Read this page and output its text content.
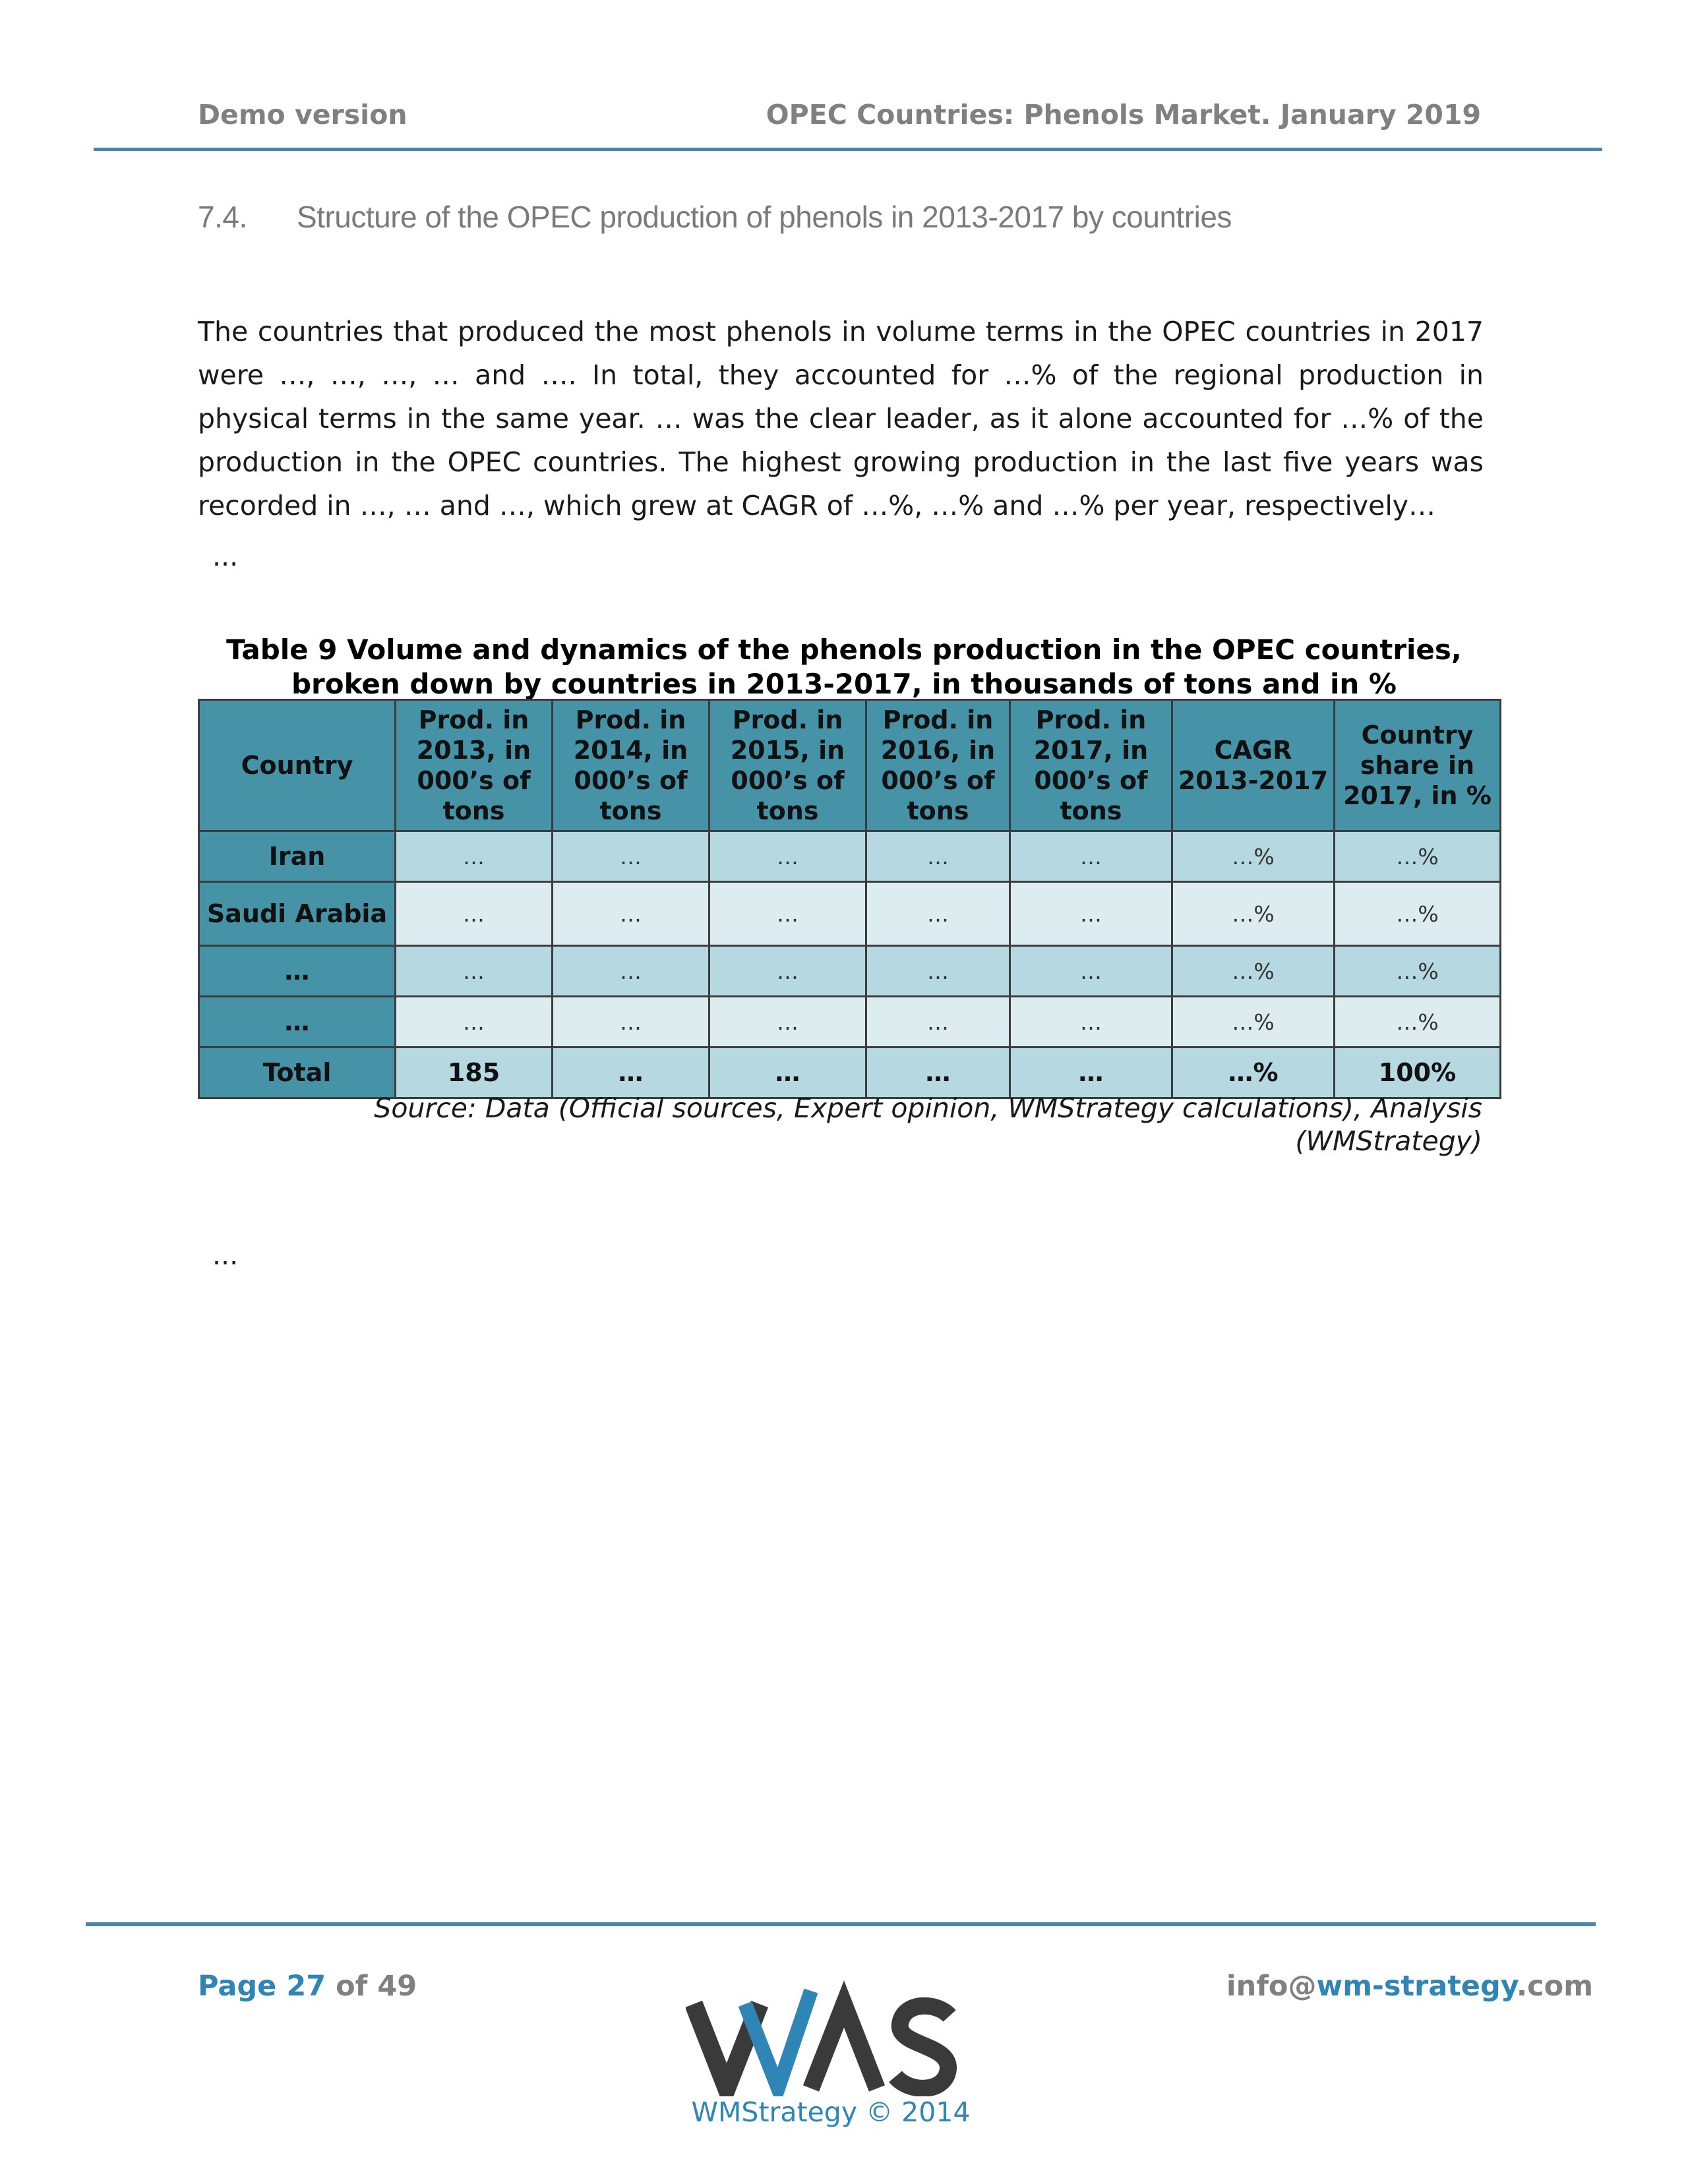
Demo version	OPEC Countries: Phenols Market. January 2019
7.4. Structure of the OPEC production of phenols in 2013-2017 by countries
The countries that produced the most phenols in volume terms in the OPEC countries in 2017 were …, …, …, … and …. In total, they accounted for …% of the regional production in physical terms in the same year. … was the clear leader, as it alone accounted for …% of the production in the OPEC countries. The highest growing production in the last five years was recorded in …, … and …, which grew at CAGR of …%, …% and …% per year, respectively…
...
Table 9 Volume and dynamics of the phenols production in the OPEC countries,
broken down by countries in 2013-2017, in thousands of tons and in %
Country	Prod. in 2013, in 000’s of tons	Prod. in 2014, in 000’s of tons	Prod. in 2015, in 000’s of tons	Prod. in 2016, in 000’s of tons	Prod. in 2017, in 000’s of tons	CAGR 2013-2017	Country share in 2017, in %
Iran	…	…	…	…	…	…%	…%
Saudi Arabia	…	…	…	…	…	…%	…%
…	…	…	…	…	…	…%	…%
…	…	…	…	…	…	…%	…%
Total	185	…	…	…	…	…%	100%
Source: Data (Official sources, Expert opinion, WMStrategy calculations), Analysis
(WMStrategy)
...
Page 27 of 49	info@wm-strategy.com
WMStrategy © 2014
